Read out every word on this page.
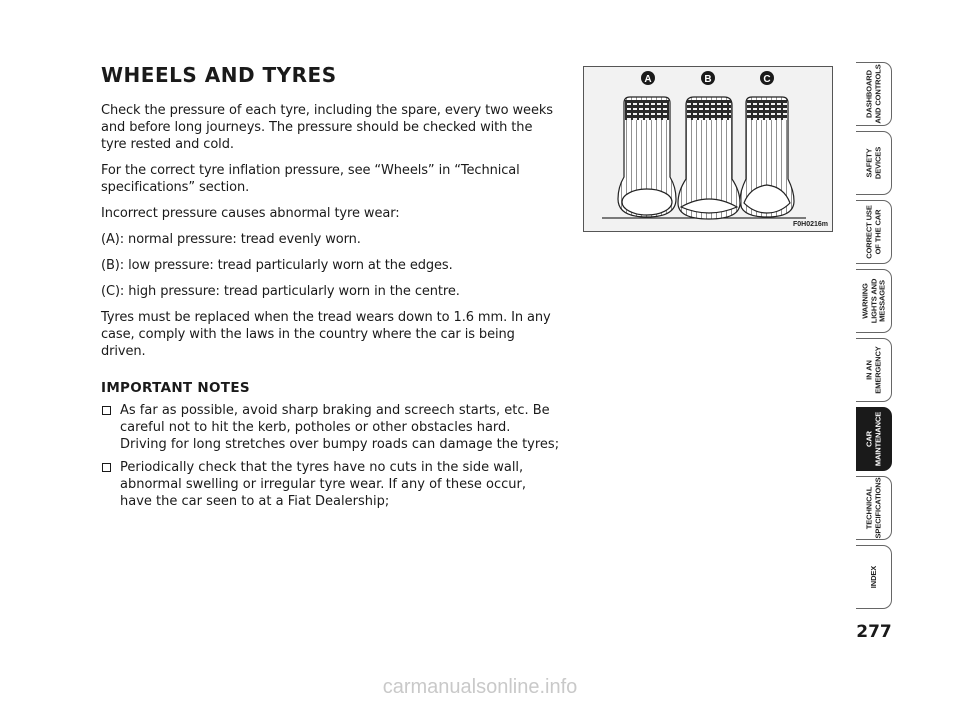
WHEELS AND TYRES

Check the pressure of each tyre, including the spare, every two weeks and before long journeys. The pressure should be checked with the tyre rested and cold.

For the correct tyre inflation pressure, see “Wheels” in “Technical specifications” section.

Incorrect pressure causes abnormal tyre wear:

(A): normal pressure: tread evenly worn.

(B): low pressure: tread particularly worn at the edges.

(C): high pressure: tread particularly worn in the centre.

Tyres must be replaced when the tread wears down to 1.6 mm. In any case, comply with the laws in the country where the car is being driven.

IMPORTANT NOTES
As far as possible, avoid sharp braking and screech starts, etc. Be careful not to hit the kerb, potholes or other obstacles hard. Driving for long stretches over bumpy roads can damage the tyres;
Periodically check that the tyres have no cuts in the side wall, abnormal swelling or irregular tyre wear. If any of these occur, have the car seen to at a Fiat Dealership;
A	B	C
F0H0216m
DASHBOARD
AND CONTROLS
SAFETY
DEVICES
CORRECT USE
OF THE CAR
WARNING
LIGHTS AND
MESSAGES
IN AN
EMERGENCY
CAR
MAINTENANCE
TECHNICAL
SPECIFICATIONS
INDEX
277
carmanualsonline.info
